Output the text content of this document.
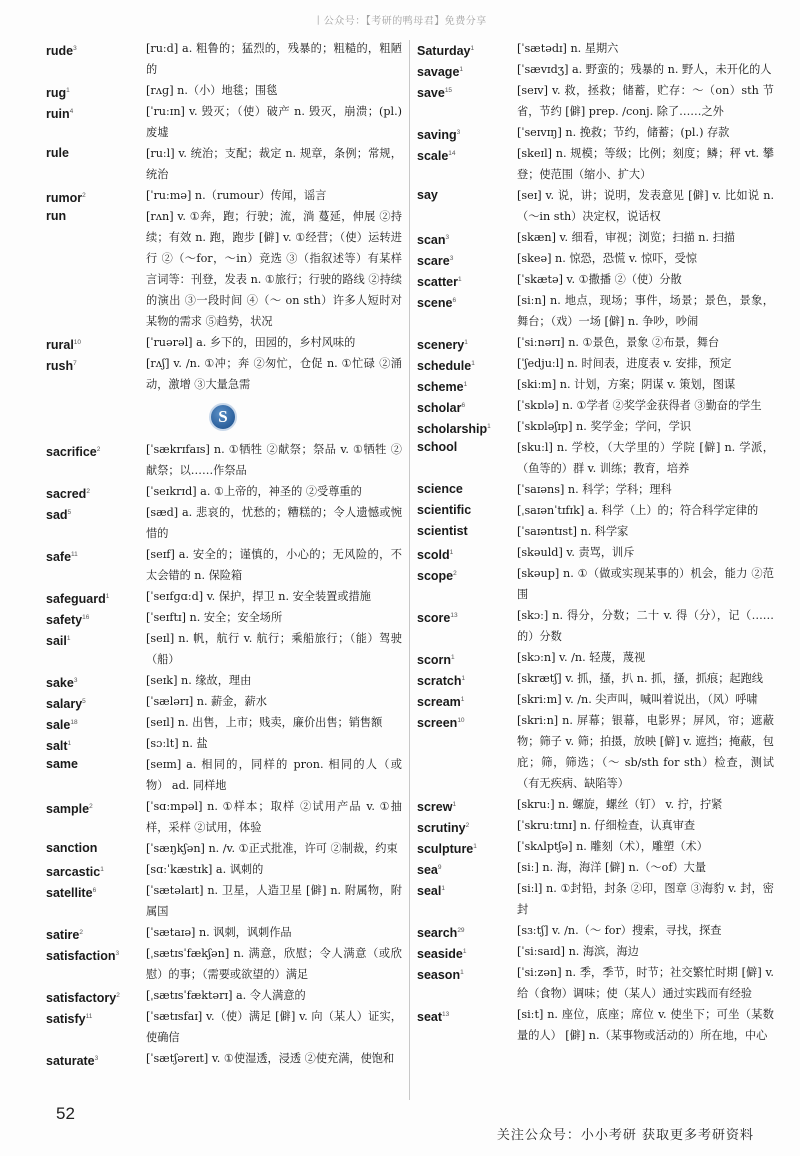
丨公众号：【考研的鸭母君】免费分享
rude$^3$	[ruːd] a. 粗鲁的；猛烈的，残暴的；粗糙的，粗陋的
rug$^1$	[rʌɡ] n.（小）地毯；围毯
ruin$^4$	[ˈruːɪn] v. 毁灭；（使）破产 n. 毁灭，崩溃；(pl.) 废墟
rule	[ruːl] v. 统治；支配；裁定 n. 规章，条例；常规，统治
rumor$^2$	[ˈruːmə] n.（rumour）传闻，谣言
run	[rʌn] v. ①奔，跑；行驶；流，淌 蔓延，伸展 ②持续；有效 n. 跑，跑步 [僻] v. ①经营；（使）运转进行 ②（～for，～in）竞选 ③（指叙述等）有某样言词等：刊登，发表 n. ①旅行；行驶的路线 ②持续的演出 ③一段时间 ④（～ on sth）许多人短时对某物的需求 ⑤趋势，状况
rural$^{10}$	[ˈruərəl] a. 乡下的，田园的，乡村风味的
rush$^7$	[rʌʃ] v. /n. ①冲；奔 ②匆忙，仓促 n. ①忙碌 ②涌动，激增 ③大量急需
S
sacrifice$^2$	[ˈsækrɪfaɪs] n. ①牺牲 ②献祭；祭品 v. ①牺牲 ②献祭；以……作祭品
sacred$^2$	[ˈseɪkrɪd] a. ①上帝的，神圣的 ②受尊重的
sad$^5$	[sæd] a. 悲哀的，忧愁的；糟糕的；令人遗憾或惋惜的
safe$^{11}$	[seɪf] a. 安全的；谨慎的，小心的；无风险的，不太会错的 n. 保险箱
safeguard$^1$	[ˈseɪfɡɑːd] v. 保护，捍卫 n. 安全装置或措施
safety$^{16}$	[ˈseɪftɪ] n. 安全；安全场所
sail$^1$	[seɪl] n. 帆，航行 v. 航行；乘船旅行；（能）驾驶（船）
sake$^3$	[seɪk] n. 缘故，理由
salary$^5$	[ˈsælərɪ] n. 薪金，薪水
sale$^{18}$	[seɪl] n. 出售，上市；贱卖，廉价出售；销售额
salt$^1$	[sɔːlt] n. 盐
same	[seɪm] a. 相同的，同样的 pron. 相同的人（或物） ad. 同样地
sample$^2$	[ˈsɑːmpəl] n. ①样本；取样 ②试用产品 v. ①抽样，采样 ②试用，体验
sanction	[ˈsæŋkʃən] n. /v. ①正式批准，许可 ②制裁，约束
sarcastic$^1$	[sɑːˈkæstɪk] a. 讽刺的
satellite$^6$	[ˈsætəlaɪt] n. 卫星，人造卫星 [僻] n. 附属物，附属国
satire$^2$	[ˈsætaɪə] n. 讽刺，讽刺作品
satisfaction$^3$	[ˌsætɪsˈfækʃən] n. 满意，欣慰；令人满意（或欣慰）的事；（需要或欲望的）满足
satisfactory$^2$	[ˌsætɪsˈfæktərɪ] a. 令人满意的
satisfy$^{11}$	[ˈsætɪsfaɪ] v.（使）满足 [僻] v. 向（某人）证实，使确信
saturate$^3$	[ˈsætʃəreɪt] v. ①使湿透，浸透 ②使充满，使饱和
Saturday$^1$	[ˈsætədɪ] n. 星期六
savage$^1$	[ˈsævɪdʒ] a. 野蛮的；残暴的 n. 野人，未开化的人
save$^{15}$	[seɪv] v. 救，拯救；储蓄，贮存：～（on）sth 节省，节约 [僻] prep. /conj. 除了……之外
saving$^3$	[ˈseɪvɪŋ] n. 挽救；节约，储蓄；(pl.) 存款
scale$^{14}$	[skeɪl] n. 规模；等级；比例；刻度；鳞；秤 vt. 攀登；使范围（缩小、扩大）
say	[seɪ] v. 说，讲；说明，发表意见 [僻] v. 比如说 n.（～in sth）决定权，说话权
scan$^3$	[skæn] v. 细看，审视；浏览；扫描 n. 扫描
scare$^3$	[skeə] n. 惊恐，恐慌 v. 惊吓，受惊
scatter$^1$	[ˈskætə] v. ①撒播 ②（使）分散
scene$^6$	[siːn] n. 地点，现场；事件，场景；景色，景象，舞台；（戏）一场 [僻] n. 争吵，吵闹
scenery$^1$	[ˈsiːnərɪ] n. ①景色，景象 ②布景，舞台
schedule$^1$	[ˈʃedjuːl] n. 时间表，进度表 v. 安排，预定
scheme$^1$	[skiːm] n. 计划，方案；阴谋 v. 策划，图谋
scholar$^6$	[ˈskɒlə] n. ①学者 ②奖学金获得者 ③勤奋的学生
scholarship$^1$	[ˈskɒləʃɪp] n. 奖学金；学问，学识
school	[skuːl] n. 学校，（大学里的）学院 [僻] n. 学派，（鱼等的）群 v. 训练；教育，培养
science	[ˈsaɪəns] n. 科学；学科；理科
scientific	[ˌsaɪənˈtɪfɪk] a. 科学（上）的；符合科学定律的
scientist	[ˈsaɪəntɪst] n. 科学家
scold$^1$	[skəuld] v. 责骂，训斥
scope$^2$	[skəup] n. ①（做或实现某事的）机会，能力 ②范围
score$^{13}$	[skɔː] n. 得分，分数；二十 v. 得（分），记（……的）分数
scorn$^1$	[skɔːn] v. /n. 轻蔑，蔑视
scratch$^1$	[skrætʃ] v. 抓，搔，扒 n. 抓，搔，抓痕；起跑线
scream$^1$	[skriːm] v. /n. 尖声叫，喊叫着说出，（风）呼啸
screen$^{10}$	[skriːn] n. 屏幕；银幕，电影界；屏风，帘；遮蔽物；筛子 v. 筛；拍摄，放映 [僻] v. 遮挡；掩蔽，包庇；筛，筛选；（～ sb/sth for sth）检查，测试（有无疾病、缺陷等）
screw$^1$	[skruː] n. 螺旋，螺丝（钉） v. 拧，拧紧
scrutiny$^2$	[ˈskruːtɪnɪ] n. 仔细检查，认真审查
sculpture$^1$	[ˈskʌlptʃə] n. 雕刻（术），雕塑（术）
sea$^9$	[siː] n. 海，海洋 [僻] n.（～of）大量
seal$^1$	[siːl] n. ①封铅，封条 ②印，图章 ③海豹 v. 封，密封
search$^{29}$	[sɜːtʃ] v. /n.（～ for）搜索，寻找，探查
seaside$^1$	[ˈsiːsaɪd] n. 海滨，海边
season$^1$	[ˈsiːzən] n. 季，季节，时节；社交繁忙时期 [僻] v. 给（食物）调味；使（某人）通过实践而有经验
seat$^{13}$	[siːt] n. 座位，底座；席位 v. 使坐下；可坐（某数量的人） [僻] n.（某事物或活动的）所在地，中心
52
关注公众号：小小考研 获取更多考研资料
